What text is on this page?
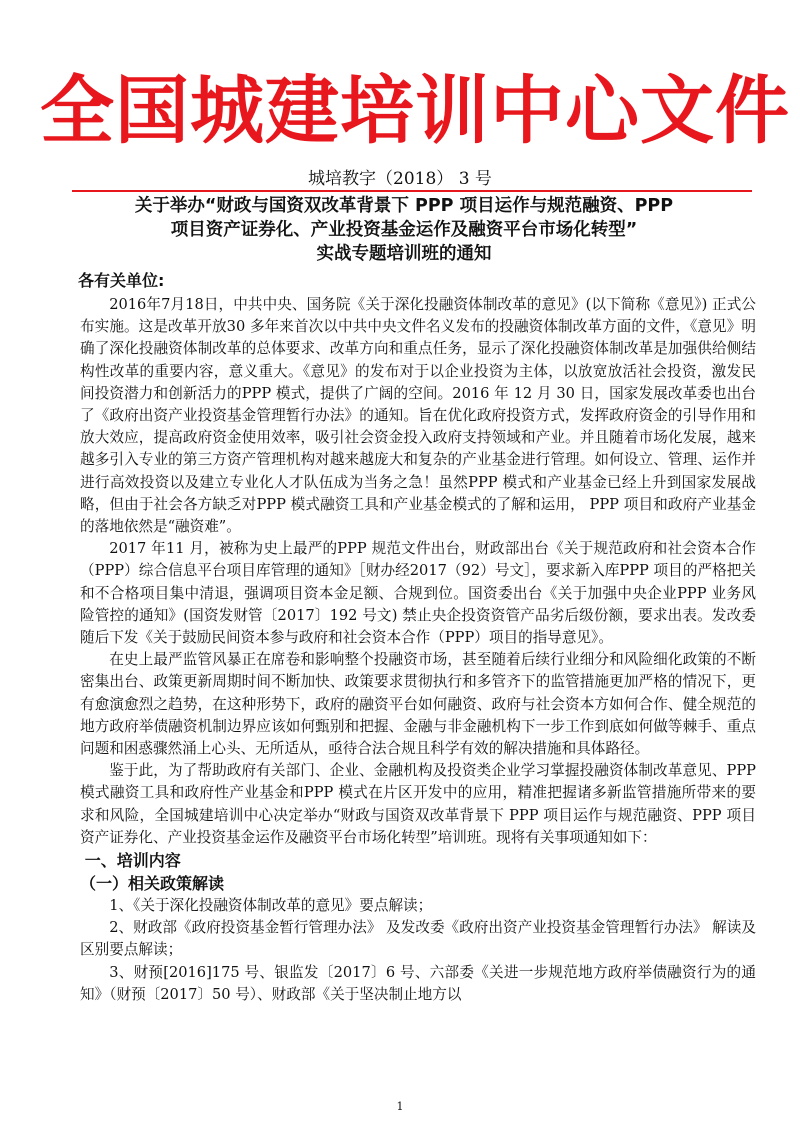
全国城建培训中心文件
城培教字（2018） 3 号
关于举办“财政与国资双改革背景下 PPP 项目运作与规范融资、PPP
项目资产证券化、产业投资基金运作及融资平台市场化转型”
实战专题培训班的通知
各有关单位:

2016年7月18日，中共中央、国务院《关于深化投融资体制改革的意见》(以下简称《意见》) 正式公布实施。这是改革开放30 多年来首次以中共中央文件名义发布的投融资体制改革方面的文件，《意见》明确了深化投融资体制改革的总体要求、改革方向和重点任务，显示了深化投融资体制改革是加强供给侧结构性改革的重要内容，意义重大。《意见》的发布对于以企业投资为主体，以放宽放活社会投资，激发民间投资潜力和创新活力的PPP 模式，提供了广阔的空间。2016 年 12 月 30 日，国家发展改革委也出台了《政府出资产业投资基金管理暂行办法》的通知。旨在优化政府投资方式，发挥政府资金的引导作用和放大效应，提高政府资金使用效率，吸引社会资金投入政府支持领域和产业。并且随着市场化发展，越来越多引入专业的第三方资产管理机构对越来越庞大和复杂的产业基金进行管理。如何设立、管理、运作并进行高效投资以及建立专业化人才队伍成为当务之急！虽然PPP 模式和产业基金已经上升到国家发展战略，但由于社会各方缺乏对PPP 模式融资工具和产业基金模式的了解和运用， PPP 项目和政府产业基金的落地依然是“融资难”。

2017 年11 月，被称为史上最严的PPP 规范文件出台，财政部出台《关于规范政府和社会资本合作（PPP）综合信息平台项目库管理的通知》［财办经2017（92）号文］，要求新入库PPP 项目的严格把关和不合格项目集中清退，强调项目资本金足额、合规到位。国资委出台《关于加强中央企业PPP 业务风险管控的通知》(国资发财管〔2017〕192 号文) 禁止央企投资资管产品劣后级份额，要求出表。发改委随后下发《关于鼓励民间资本参与政府和社会资本合作（PPP）项目的指导意见》。

在史上最严监管风暴正在席卷和影响整个投融资市场，甚至随着后续行业细分和风险细化政策的不断密集出台、政策更新周期时间不断加快、政策要求贯彻执行和多管齐下的监管措施更加严格的情况下，更有愈演愈烈之趋势，在这种形势下，政府的融资平台如何融资、政府与社会资本方如何合作、健全规范的地方政府举债融资机制边界应该如何甄别和把握、金融与非金融机构下一步工作到底如何做等棘手、重点问题和困惑骤然涌上心头、无所适从，亟待合法合规且科学有效的解决措施和具体路径。

鉴于此，为了帮助政府有关部门、企业、金融机构及投资类企业学习掌握投融资体制改革意见、PPP 模式融资工具和政府性产业基金和PPP 模式在片区开发中的应用，精准把握诸多新监管措施所带来的要求和风险，全国城建培训中心决定举办“财政与国资双改革背景下 PPP 项目运作与规范融资、PPP 项目资产证券化、产业投资基金运作及融资平台市场化转型”培训班。现将有关事项通知如下：

一、培训内容
（一）相关政策解读

1、《关于深化投融资体制改革的意见》要点解读；

2、财政部《政府投资基金暂行管理办法》 及发改委《政府出资产业投资基金管理暂行办法》 解读及区别要点解读；

3、财预[2016]175 号、银监发〔2017〕6 号、六部委《关进一步规范地方政府举债融资行为的通知》（财预〔2017〕50 号）、财政部《关于坚决制止地方以

1
